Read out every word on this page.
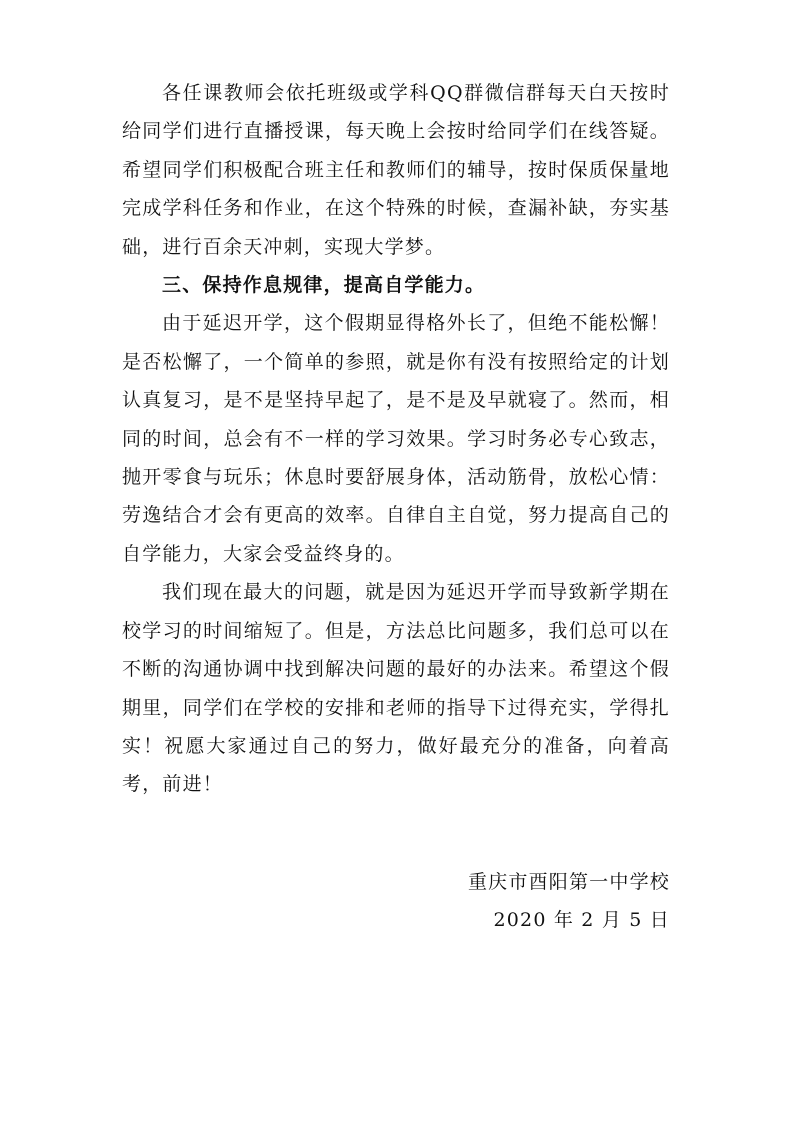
各任课教师会依托班级或学科QQ群微信群每天白天按时给同学们进行直播授课，每天晚上会按时给同学们在线答疑。希望同学们积极配合班主任和教师们的辅导，按时保质保量地完成学科任务和作业，在这个特殊的时候，查漏补缺，夯实基础，进行百余天冲刺，实现大学梦。

三、保持作息规律，提高自学能力。

由于延迟开学，这个假期显得格外长了，但绝不能松懈！是否松懈了，一个简单的参照，就是你有没有按照给定的计划认真复习，是不是坚持早起了，是不是及早就寝了。然而，相同的时间，总会有不一样的学习效果。学习时务必专心致志，抛开零食与玩乐；休息时要舒展身体，活动筋骨，放松心情：劳逸结合才会有更高的效率。自律自主自觉，努力提高自己的自学能力，大家会受益终身的。

我们现在最大的问题，就是因为延迟开学而导致新学期在校学习的时间缩短了。但是，方法总比问题多，我们总可以在不断的沟通协调中找到解决问题的最好的办法来。希望这个假期里，同学们在学校的安排和老师的指导下过得充实，学得扎实！祝愿大家通过自己的努力，做好最充分的准备，向着高考，前进！

重庆市酉阳第一中学校

2020 年 2 月 5 日
